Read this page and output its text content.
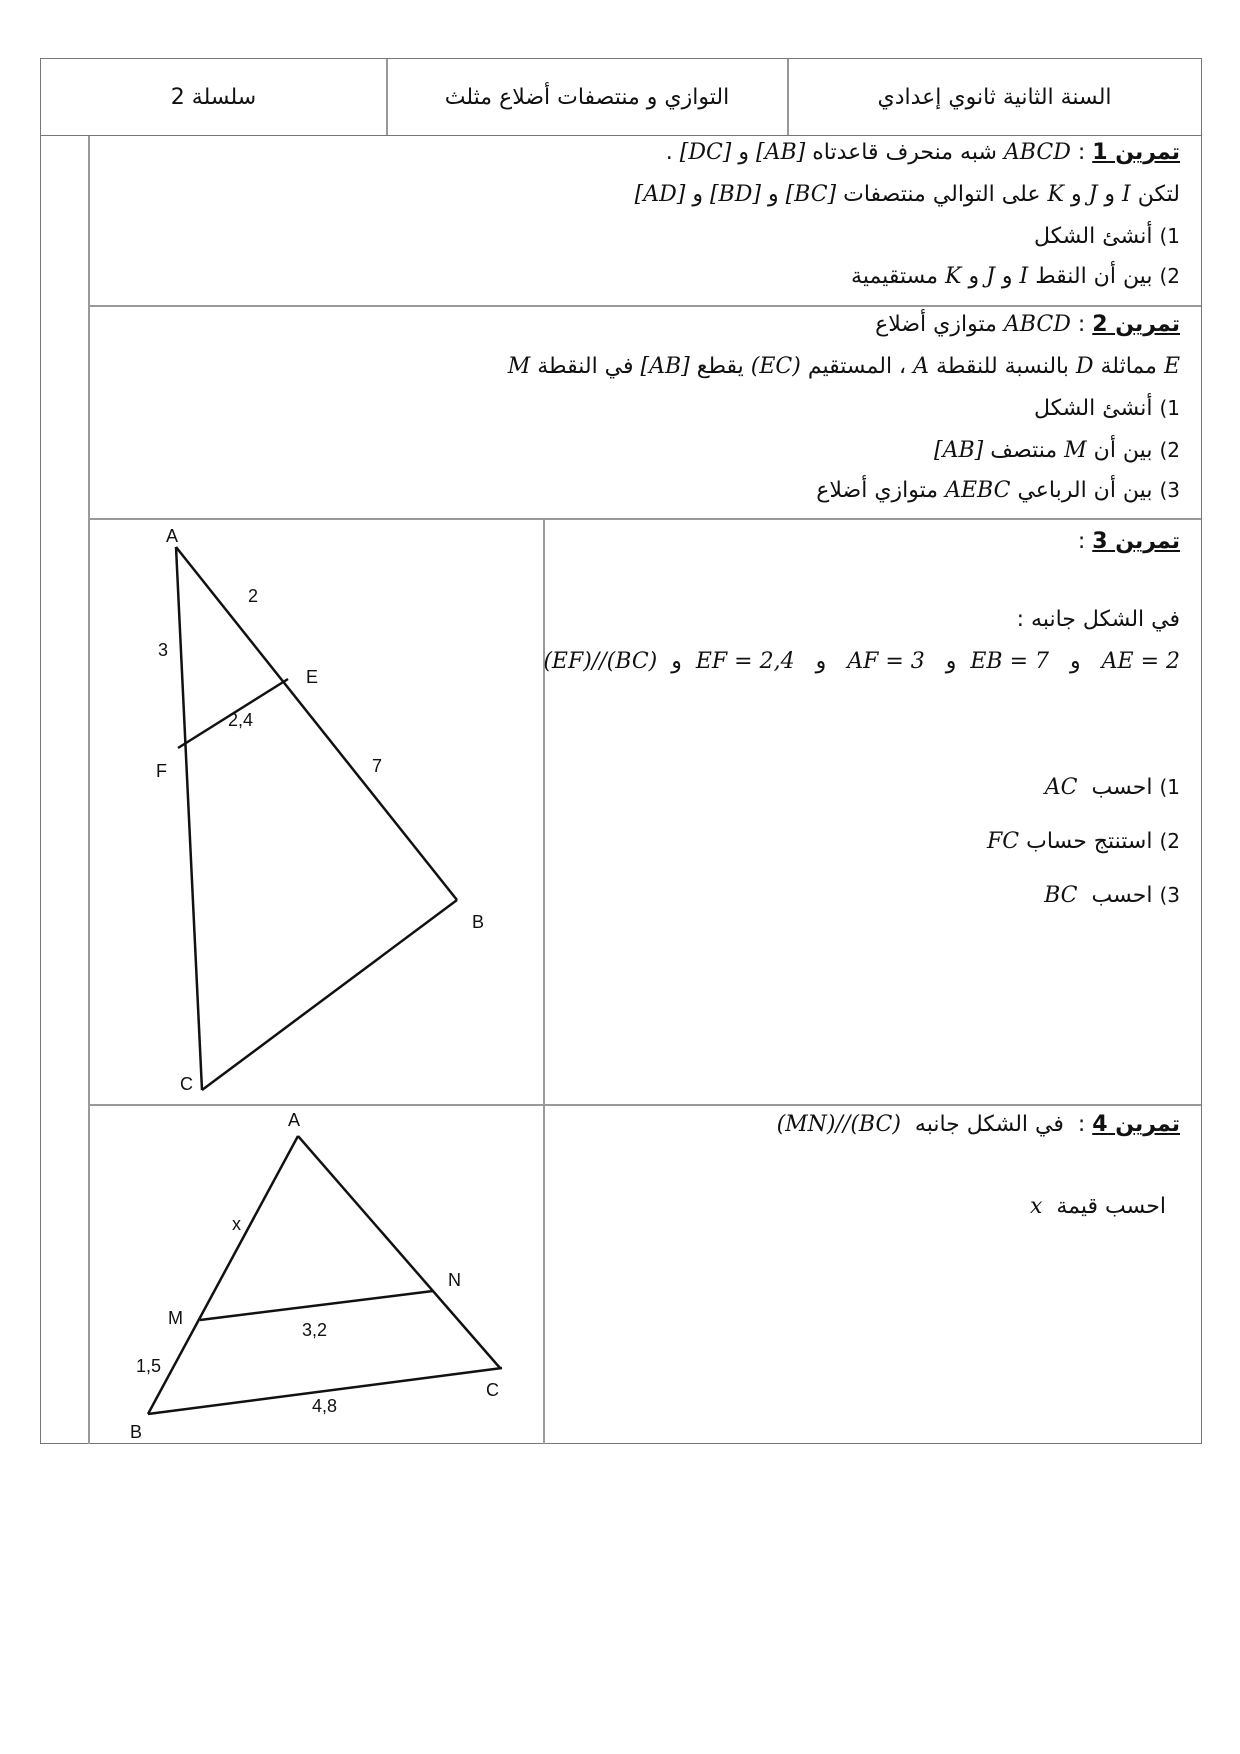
سلسلة 2	التوازي و منتصفات أضلاع مثلث	السنة الثانية ثانوي إعدادي
تمرين 1 : ABCD شبه منحرف قاعدتاه [AB] و [DC] .
لتكن I و J و K على التوالي منتصفات [BC] و [BD] و [AD]
1) أنشئ الشكل
2) بين أن النقط I و J و K مستقيمية
تمرين 2 : ABCD متوازي أضلاع
E مماثلة D بالنسبة للنقطة A ، المستقيم (EC) يقطع [AB] في النقطة M
1) أنشئ الشكل
2) بين أن M منتصف [AB]
3) بين أن الرباعي AEBC متوازي أضلاع
تمرين 3 :
في الشكل جانبه :
AE = 2   و   EB = 7  و   AF = 3   و   EF = 2,4  و  (EF)//(BC)
1) احسب  AC
2) استنتج حساب FC
3) احسب  BC
A
B
C
E
F
2
3
2,4
7
تمرين 4 :  في الشكل جانبه  (MN)//(BC)
احسب قيمة  x
A
B
C
M
N
x
3,2
1,5
4,8
